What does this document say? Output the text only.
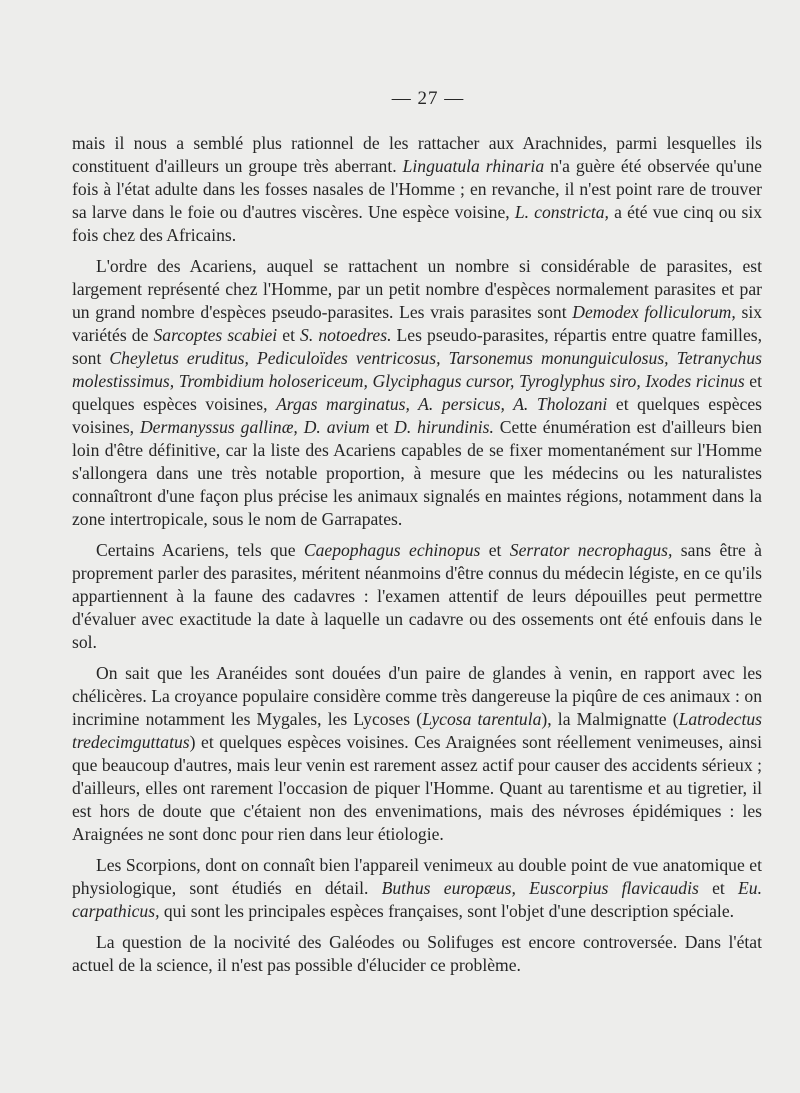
— 27 —

mais il nous a semblé plus rationnel de les rattacher aux Arachnides, parmi lesquelles ils constituent d'ailleurs un groupe très aberrant. Linguatula rhinaria n'a guère été observée qu'une fois à l'état adulte dans les fosses nasales de l'Homme ; en revanche, il n'est point rare de trouver sa larve dans le foie ou d'autres viscères. Une espèce voisine, L. constricta, a été vue cinq ou six fois chez des Africains.

L'ordre des Acariens, auquel se rattachent un nombre si considérable de parasites, est largement représenté chez l'Homme, par un petit nombre d'espèces normalement parasites et par un grand nombre d'espèces pseudo-parasites. Les vrais parasites sont Demodex folliculorum, six variétés de Sarcoptes scabiei et S. notoedres. Les pseudo-parasites, répartis entre quatre familles, sont Cheyletus eruditus, Pediculoïdes ventricosus, Tarsonemus monunguiculosus, Tetranychus molestissimus, Trombidium holosericeum, Glyciphagus cursor, Tyroglyphus siro, Ixodes ricinus et quelques espèces voisines, Argas marginatus, A. persicus, A. Tholozani et quelques espèces voisines, Dermanyssus gallinæ, D. avium et D. hirundinis. Cette énumération est d'ailleurs bien loin d'être définitive, car la liste des Acariens capables de se fixer momentanément sur l'Homme s'allongera dans une très notable proportion, à mesure que les médecins ou les naturalistes connaîtront d'une façon plus précise les animaux signalés en maintes régions, notamment dans la zone intertropicale, sous le nom de Garrapates.

Certains Acariens, tels que Caepophagus echinopus et Serrator necrophagus, sans être à proprement parler des parasites, méritent néanmoins d'être connus du médecin légiste, en ce qu'ils appartiennent à la faune des cadavres : l'examen attentif de leurs dépouilles peut permettre d'évaluer avec exactitude la date à laquelle un cadavre ou des ossements ont été enfouis dans le sol.

On sait que les Aranéides sont douées d'un paire de glandes à venin, en rapport avec les chélicères. La croyance populaire considère comme très dangereuse la piqûre de ces animaux : on incrimine notamment les Mygales, les Lycoses (Lycosa tarentula), la Malmignatte (Latrodectus tredecimguttatus) et quelques espèces voisines. Ces Araignées sont réellement venimeuses, ainsi que beaucoup d'autres, mais leur venin est rarement assez actif pour causer des accidents sérieux ; d'ailleurs, elles ont rarement l'occasion de piquer l'Homme. Quant au tarentisme et au tigretier, il est hors de doute que c'étaient non des envenimations, mais des névroses épidémiques : les Araignées ne sont donc pour rien dans leur étiologie.

Les Scorpions, dont on connaît bien l'appareil venimeux au double point de vue anatomique et physiologique, sont étudiés en détail. Buthus europæus, Euscorpius flavicaudis et Eu. carpathicus, qui sont les principales espèces françaises, sont l'objet d'une description spéciale.

La question de la nocivité des Galéodes ou Solifuges est encore controversée. Dans l'état actuel de la science, il n'est pas possible d'élucider ce problème.
